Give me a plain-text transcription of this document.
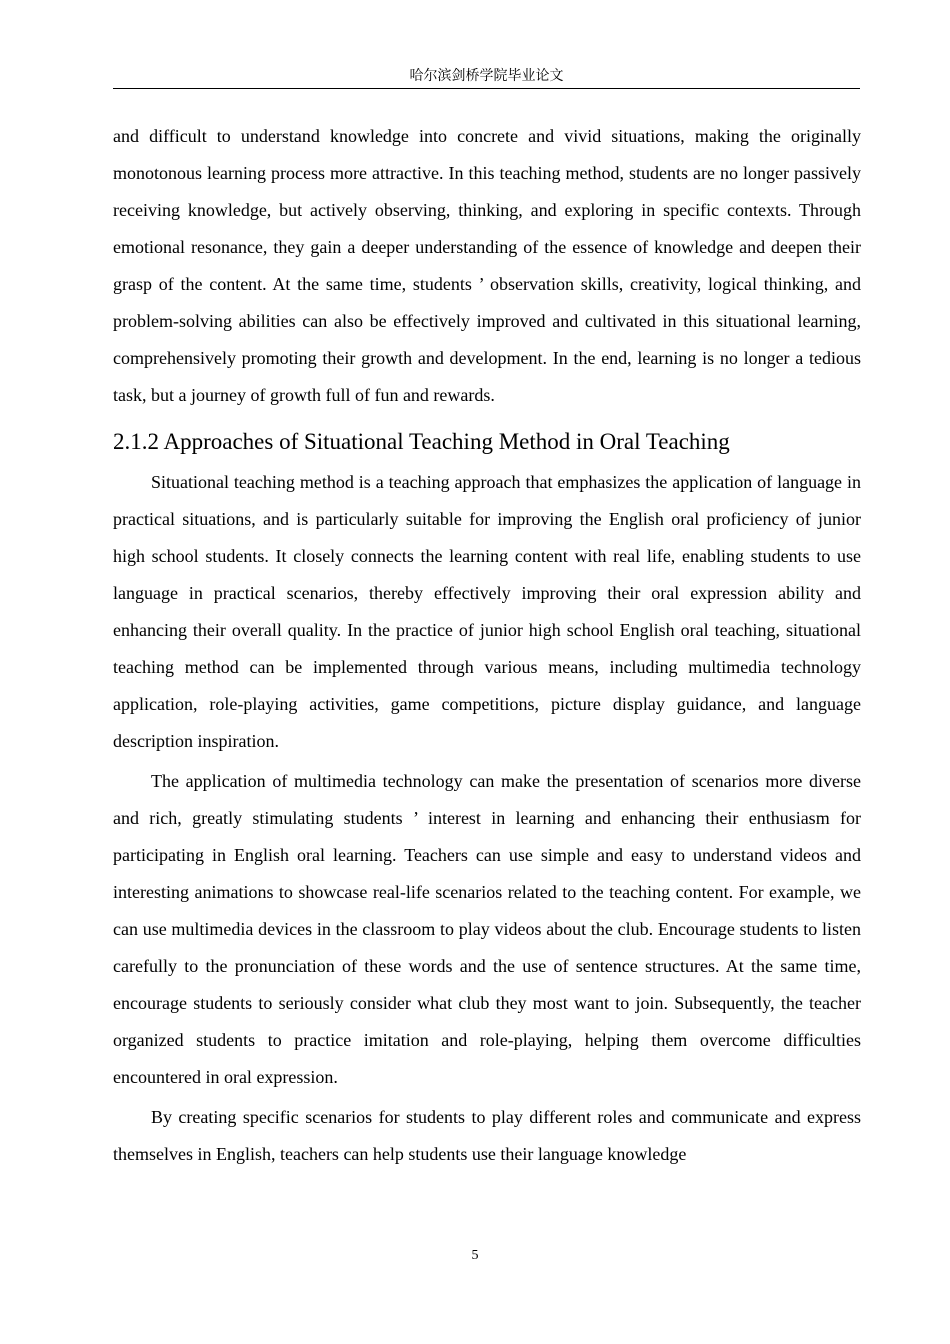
哈尔滨剑桥学院毕业论文

and difficult to understand knowledge into concrete and vivid situations, making the originally monotonous learning process more attractive. In this teaching method, students are no longer passively receiving knowledge, but actively observing, thinking, and exploring in specific contexts. Through emotional resonance, they gain a deeper understanding of the essence of knowledge and deepen their grasp of the content. At the same time, students ’ observation skills, creativity, logical thinking, and problem-solving abilities can also be effectively improved and cultivated in this situational learning, comprehensively promoting their growth and development. In the end, learning is no longer a tedious task, but a journey of growth full of fun and rewards.

2.1.2 Approaches of Situational Teaching Method in Oral Teaching

Situational teaching method is a teaching approach that emphasizes the application of language in practical situations, and is particularly suitable for improving the English oral proficiency of junior high school students. It closely connects the learning content with real life, enabling students to use language in practical scenarios, thereby effectively improving their oral expression ability and enhancing their overall quality. In the practice of junior high school English oral teaching, situational teaching method can be implemented through various means, including multimedia technology application, role-playing activities, game competitions, picture display guidance, and language description inspiration.

The application of multimedia technology can make the presentation of scenarios more diverse and rich, greatly stimulating students ’ interest in learning and enhancing their enthusiasm for participating in English oral learning. Teachers can use simple and easy to understand videos and interesting animations to showcase real-life scenarios related to the teaching content. For example, we can use multimedia devices in the classroom to play videos about the club. Encourage students to listen carefully to the pronunciation of these words and the use of sentence structures. At the same time, encourage students to seriously consider what club they most want to join. Subsequently, the teacher organized students to practice imitation and role-playing, helping them overcome difficulties encountered in oral expression.

By creating specific scenarios for students to play different roles and communicate and express themselves in English, teachers can help students use their language knowledge

5
